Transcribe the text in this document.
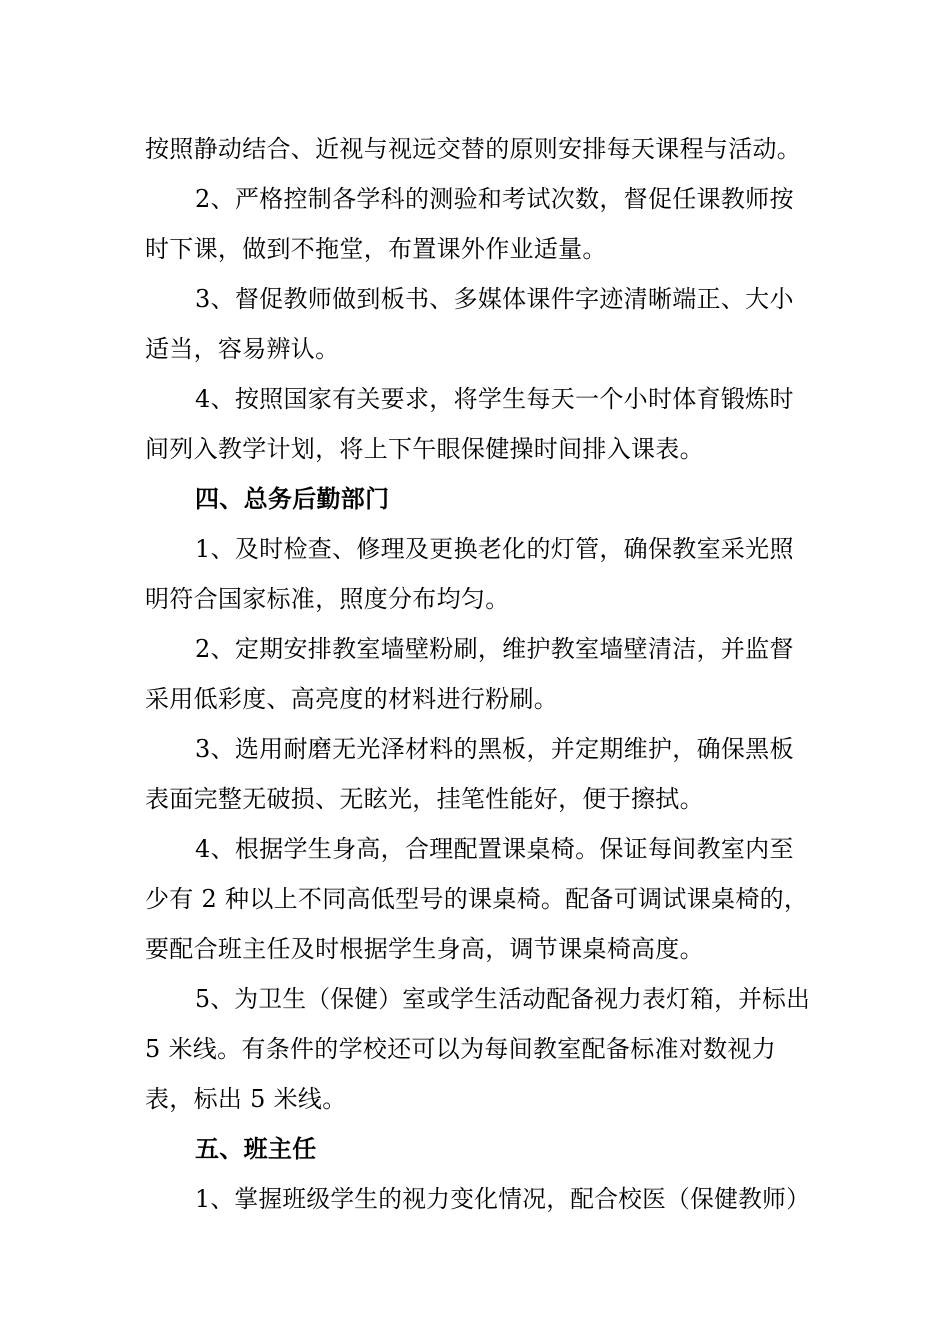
按照静动结合、近视与视远交替的原则安排每天课程与活动。
2、严格控制各学科的测验和考试次数，督促任课教师按
时下课，做到不拖堂，布置课外作业适量。
3、督促教师做到板书、多媒体课件字迹清晰端正、大小
适当，容易辨认。
4、按照国家有关要求，将学生每天一个小时体育锻炼时
间列入教学计划，将上下午眼保健操时间排入课表。
四、总务后勤部门
1、及时检查、修理及更换老化的灯管，确保教室采光照
明符合国家标准，照度分布均匀。
2、定期安排教室墙壁粉刷，维护教室墙壁清洁，并监督
采用低彩度、高亮度的材料进行粉刷。
3、选用耐磨无光泽材料的黑板，并定期维护，确保黑板
表面完整无破损、无眩光，挂笔性能好，便于擦拭。
4、根据学生身高，合理配置课桌椅。保证每间教室内至
少有 2 种以上不同高低型号的课桌椅。配备可调试课桌椅的，
要配合班主任及时根据学生身高，调节课桌椅高度。
5、为卫生（保健）室或学生活动配备视力表灯箱，并标出
5 米线。有条件的学校还可以为每间教室配备标准对数视力
表，标出 5 米线。
五、班主任
1、掌握班级学生的视力变化情况，配合校医（保健教师）
